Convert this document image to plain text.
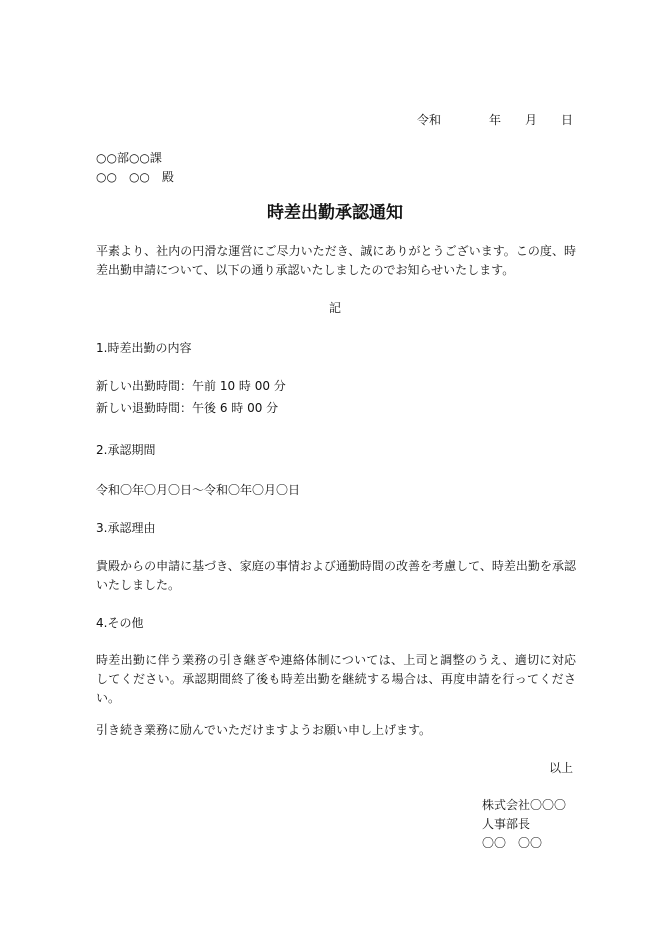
令和	年 月 日
○○部○○課
○○　○○　殿
時差出勤承認通知
平素より、社内の円滑な運営にご尽力いただき、誠にありがとうございます。この度、時差出勤申請について、以下の通り承認いたしましたのでお知らせいたします。
記
1.時差出勤の内容
新しい出勤時間：午前 10 時 00 分
新しい退勤時間：午後 6 時 00 分
2.承認期間
令和〇年〇月〇日～令和〇年〇月〇日
3.承認理由
貴殿からの申請に基づき、家庭の事情および通勤時間の改善を考慮して、時差出勤を承認いたしました。
4.その他
時差出勤に伴う業務の引き継ぎや連絡体制については、上司と調整のうえ、適切に対応してください。承認期間終了後も時差出勤を継続する場合は、再度申請を行ってください。
引き続き業務に励んでいただけますようお願い申し上げます。
以上
株式会社〇〇〇
人事部長
〇〇　〇〇
